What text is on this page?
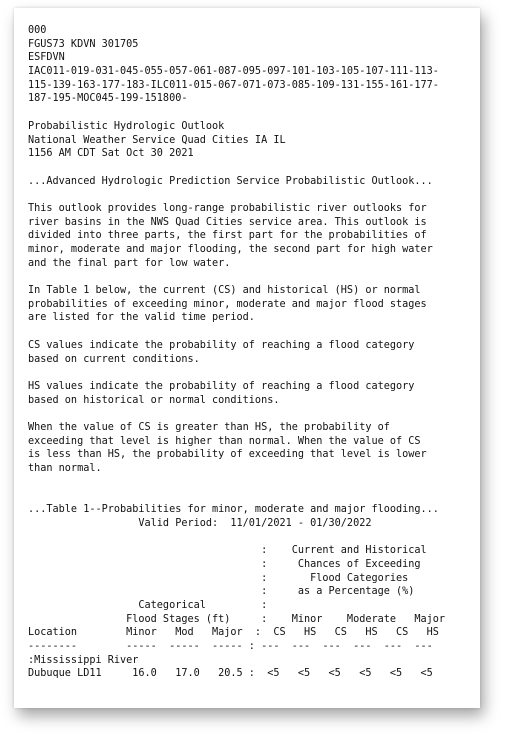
000
FGUS73 KDVN 301705
ESFDVN
IAC011-019-031-045-055-057-061-087-095-097-101-103-105-107-111-113-
115-139-163-177-183-ILC011-015-067-071-073-085-109-131-155-161-177-
187-195-MOC045-199-151800-
Probabilistic Hydrologic Outlook
National Weather Service Quad Cities IA IL
1156 AM CDT Sat Oct 30 2021
...Advanced Hydrologic Prediction Service Probabilistic Outlook...
This outlook provides long-range probabilistic river outlooks for
river basins in the NWS Quad Cities service area. This outlook is
divided into three parts, the first part for the probabilities of
minor, moderate and major flooding, the second part for high water
and the final part for low water.
In Table 1 below, the current (CS) and historical (HS) or normal
probabilities of exceeding minor, moderate and major flood stages
are listed for the valid time period.
CS values indicate the probability of reaching a flood category
based on current conditions.
HS values indicate the probability of reaching a flood category
based on historical or normal conditions.
When the value of CS is greater than HS, the probability of
exceeding that level is higher than normal. When the value of CS
is less than HS, the probability of exceeding that level is lower
than normal.
...Table 1--Probabilities for minor, moderate and major flooding...
Valid Period:  11/01/2021 - 01/30/2022
:    Current and Historical
:     Chances of Exceeding
:       Flood Categories
:     as a Percentage (%)
Categorical         :
Flood Stages (ft)     :    Minor    Moderate   Major
Location        Minor   Mod   Major  :  CS   HS   CS   HS   CS   HS
--------        -----  -----  ----- : ---  ---  ---  ---  ---  ---
:Mississippi River
Dubuque LD11     16.0   17.0   20.5 :  <5   <5   <5   <5   <5   <5
